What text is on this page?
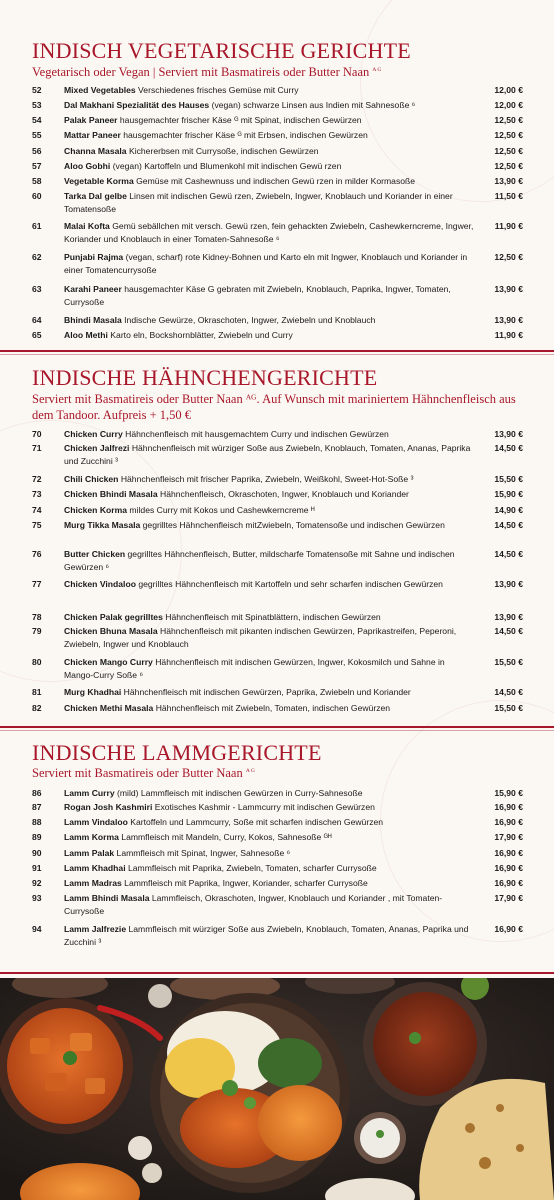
INDISCH VEGETARISCHE GERICHTE
Vegetarisch oder Vegan | Serviert mit Basmatireis oder Butter Naan $^{A G}$
52	Mixed Vegetables Verschiedenes frisches Gemüse mit Curry	12,00 €
53	Dal Makhani Spezialität des Hauses (vegan) schwarze Linsen aus Indien mit Sahnesoße ⁶	12,00 €
54	Palak Paneer hausgemachter frischer Käse ᴳ mit Spinat, indischen Gewürzen	12,50 €
55	Mattar Paneer hausgemachter frischer Käse ᴳ mit Erbsen, indischen Gewürzen	12,50 €
56	Channa Masala Kichererbsen mit Currysoße, indischen Gewürzen	12,50 €
57	Aloo Gobhi (vegan) Kartoffeln und Blumenkohl mit indischen Gewü rzen	12,50 €
58	Vegetable Korma Gemüse mit Cashewnuss und indischen Gewü rzen in milder Kormasoße	13,90 €
60	Tarka Dal gelbe Linsen mit indischen Gewü rzen, Zwiebeln, Ingwer, Knoblauch und Koriander in einer Tomatensoße
11,50 €
61	Malai Kofta Gemü sebällchen mit versch. Gewü rzen, fein gehackten Zwiebeln, Cashewkerncreme, Ingwer, Koriander und Knoblauch in einer Tomaten-Sahnesoße ⁶
11,90 €
62	Punjabi Rajma (vegan, scharf) rote Kidney-Bohnen und Karto eln mit Ingwer, Knoblauch und Koriander in einer Tomatencurrysoße
12,50 €
63	Karahi Paneer hausgemachter Käse G gebraten mit Zwiebeln, Knoblauch, Paprika, Ingwer, Tomaten, Currysoße
13,90 €
64	Bhindi Masala Indische Gewürze, Okraschoten, Ingwer, Zwiebeln und Knoblauch	13,90 €
65	Aloo Methi Karto eln, Bockshornblätter, Zwiebeln und Curry	11,90 €
INDISCHE HÄHNCHENGERICHTE
Serviert mit Basmatireis oder Butter Naan ᴬᴳ. Auf Wunsch mit mariniertem Hähnchenfleisch aus dem Tandoor. Aufpreis + 1,50 €
70	Chicken Curry Hähnchenfleisch mit hausgemachtem Curry und indischen Gewürzen	13,90 €
71	Chicken Jalfrezi Hähnchenfleisch mit würziger Soße aus Zwiebeln, Knoblauch, Tomaten, Ananas, Paprika und Zucchini ³
14,50 €
72	Chili Chicken Hähnchenfleisch mit frischer Paprika, Zwiebeln, Weißkohl, Sweet-Hot-Soße ³	15,50 €
73	Chicken Bhindi Masala Hähnchenfleisch, Okraschoten, Ingwer, Knoblauch und Koriander	15,90 €
74	Chicken Korma mildes Curry mit Kokos und Cashewkerncreme ᴴ	14,90 €
75	Murg Tikka Masala gegrilltes Hähnchenfleisch mitZwiebeln, Tomatensoße und indischen Gewürzen	14,50 €
76	Butter Chicken gegrilltes Hähnchenfleisch, Butter, mildscharfe Tomatensoße mit Sahne und indischen Gewürzen ⁶
14,50 €
77	Chicken Vindaloo gegrilltes Hähnchenfleisch mit Kartoffeln und sehr scharfen indischen Gewürzen	13,90 €
78	Chicken Palak gegrilltes Hähnchenfleisch mit Spinatblättern, indischen Gewürzen	13,90 €
79	Chicken Bhuna Masala Hähnchenfleisch mit pikanten indischen Gewürzen, Paprikastreifen, Peperoni, Zwiebeln, Ingwer und Knoblauch
14,50 €
80	Chicken Mango Curry Hähnchenfleisch mit indischen Gewürzen, Ingwer, Kokosmilch und Sahne in Mango-Curry Soße ⁶
15,50 €
81	Murg Khadhai Hähnchenfleisch mit indischen Gewürzen, Paprika, Zwiebeln und Koriander	14,50 €
82	Chicken Methi Masala Hähnchenfleisch mit Zwiebeln, Tomaten, indischen Gewürzen	15,50 €
INDISCHE LAMMGERICHTE
Serviert mit Basmatireis oder Butter Naan $^{A G}$
86	Lamm Curry (mild) Lammfleisch mit indischen Gewürzen in Curry-Sahnesoße	15,90 €
87	Rogan Josh Kashmiri Exotisches Kashmir - Lammcurry mit indischen Gewürzen	16,90 €
88	Lamm Vindaloo Kartoffeln und Lammcurry, Soße mit scharfen indischen Gewürzen	16,90 €
89	Lamm Korma Lammfleisch mit Mandeln, Curry, Kokos, Sahnesoße ᴳᴴ	17,90 €
90	Lamm Palak Lammfleisch mit Spinat, Ingwer, Sahnesoße ⁶	16,90 €
91	Lamm Khadhai Lammfleisch mit Paprika, Zwiebeln, Tomaten, scharfer Currysoße	16,90 €
92	Lamm Madras Lammfleisch mit Paprika, Ingwer, Koriander, scharfer Currysoße	16,90 €
93	Lamm Bhindi Masala Lammfleisch, Okraschoten, Ingwer, Knoblauch und Koriander , mit Tomaten-Currysoße
17,90 €
94	Lamm Jalfrezie Lammfleisch mit würziger Soße aus Zwiebeln, Knoblauch, Tomaten, Ananas, Paprika und Zucchini ³
16,90 €
